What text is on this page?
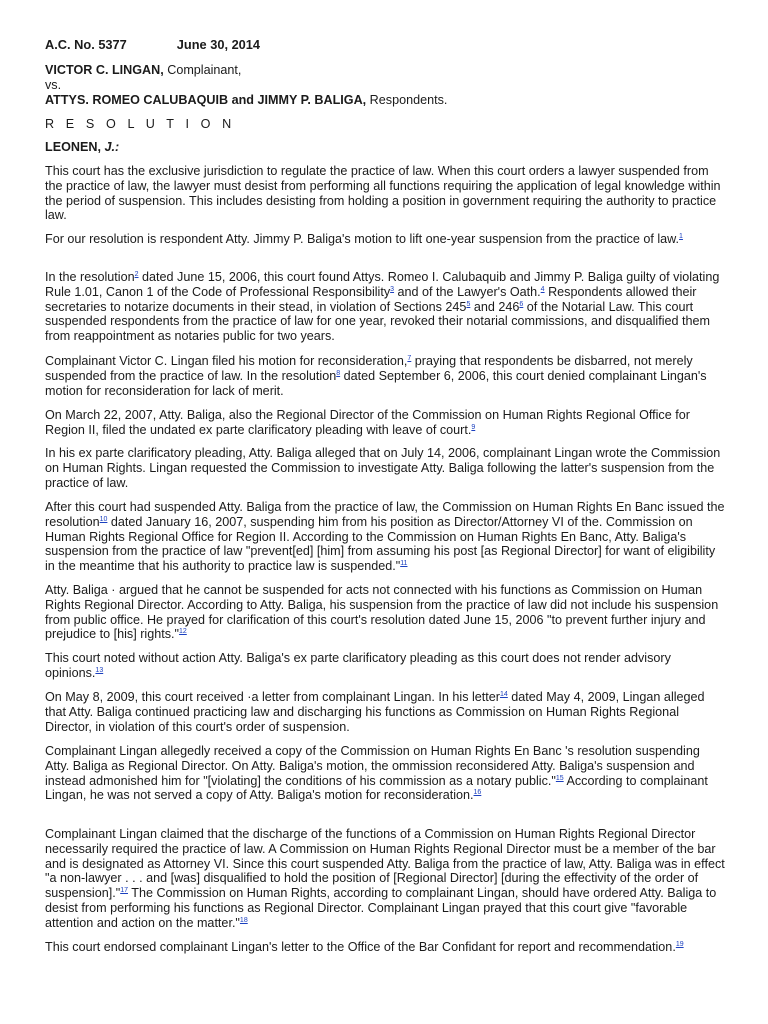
A.C. No. 5377	June 30, 2014
VICTOR C. LINGAN, Complainant,
vs.
ATTYS. ROMEO CALUBAQUIB and JIMMY P. BALIGA, Respondents.
R E S O L U T I O N
LEONEN, J.:

This court has the exclusive jurisdiction to regulate the practice of law. When this court orders a lawyer suspended from the practice of law, the lawyer must desist from performing all functions requiring the application of legal knowledge within the period of suspension. This includes desisting from holding a position in government requiring the authority to practice law.

For our resolution is respondent Atty. Jimmy P. Baliga's motion to lift one-year suspension from the practice of law.$^1$

In the resolution$^2$ dated June 15, 2006, this court found Attys. Romeo I. Calubaquib and Jimmy P. Baliga guilty of violating Rule 1.01, Canon 1 of the Code of Professional Responsibility$^3$ and of the Lawyer's Oath.$^4$ Respondents allowed their secretaries to notarize documents in their stead, in violation of Sections $245^5$ and $246^6$ of the Notarial Law. This court suspended respondents from the practice of law for one year, revoked their notarial commissions, and disqualified them from reappointment as notaries public for two years.

Complainant Victor C. Lingan filed his motion for reconsideration,$^7$ praying that respondents be disbarred, not merely suspended from the practice of law. In the resolution$^8$ dated September 6, 2006, this court denied complainant Lingan's motion for reconsideration for lack of merit.

On March 22, 2007, Atty. Baliga, also the Regional Director of the Commission on Human Rights Regional Office for Region II, filed the undated ex parte clarificatory pleading with leave of court.$^9$

In his ex parte clarificatory pleading, Atty. Baliga alleged that on July 14, 2006, complainant Lingan wrote the Commission on Human Rights. Lingan requested the Commission to investigate Atty. Baliga following the latter's suspension from the practice of law.

After this court had suspended Atty. Baliga from the practice of law, the Commission on Human Rights En Banc issued the resolution$^{10}$ dated January 16, 2007, suspending him from his position as Director/Attorney VI of the. Commission on Human Rights Regional Office for Region II. According to the Commission on Human Rights En Banc, Atty. Baliga's suspension from the practice of law "prevent[ed] [him] from assuming his post [as Regional Director] for want of eligibility in the meantime that his authority to practice law is suspended."$^{11}$

Atty. Baliga · argued that he cannot be suspended for acts not connected with his functions as Commission on Human Rights Regional Director. According to Atty. Baliga, his suspension from the practice of law did not include his suspension from public office. He prayed for clarification of this court's resolution dated June 15, 2006 "to prevent further injury and prejudice to [his] rights."$^{12}$

This court noted without action Atty. Baliga's ex parte clarificatory pleading as this court does not render advisory opinions.$^{13}$

On May 8, 2009, this court received ·a letter from complainant Lingan. In his letter$^{14}$ dated May 4, 2009, Lingan alleged that Atty. Baliga continued practicing law and discharging his functions as Commission on Human Rights Regional Director, in violation of this court's order of suspension.

Complainant Lingan allegedly received a copy of the Commission on Human Rights En Banc 's resolution suspending Atty. Baliga as Regional Director. On Atty. Baliga's motion, the ommission reconsidered Atty. Baliga's suspension and instead admonished him for "[violating] the conditions of his commission as a notary public."$^{15}$ According to complainant Lingan, he was not served a copy of Atty. Baliga's motion for reconsideration.$^{16}$

Complainant Lingan claimed that the discharge of the functions of a Commission on Human Rights Regional Director necessarily required the practice of law. A Commission on Human Rights Regional Director must be a member of the bar and is designated as Attorney VI. Since this court suspended Atty. Baliga from the practice of law, Atty. Baliga was in effect "a non-lawyer . . . and [was] disqualified to hold the position of [Regional Director] [during the effectivity of the order of suspension]."$^{17}$ The Commission on Human Rights, according to complainant Lingan, should have ordered Atty. Baliga to desist from performing his functions as Regional Director. Complainant Lingan prayed that this court give "favorable attention and action on the matter."$^{18}$

This court endorsed complainant Lingan's letter to the Office of the Bar Confidant for report and recommendation.$^{19}$
